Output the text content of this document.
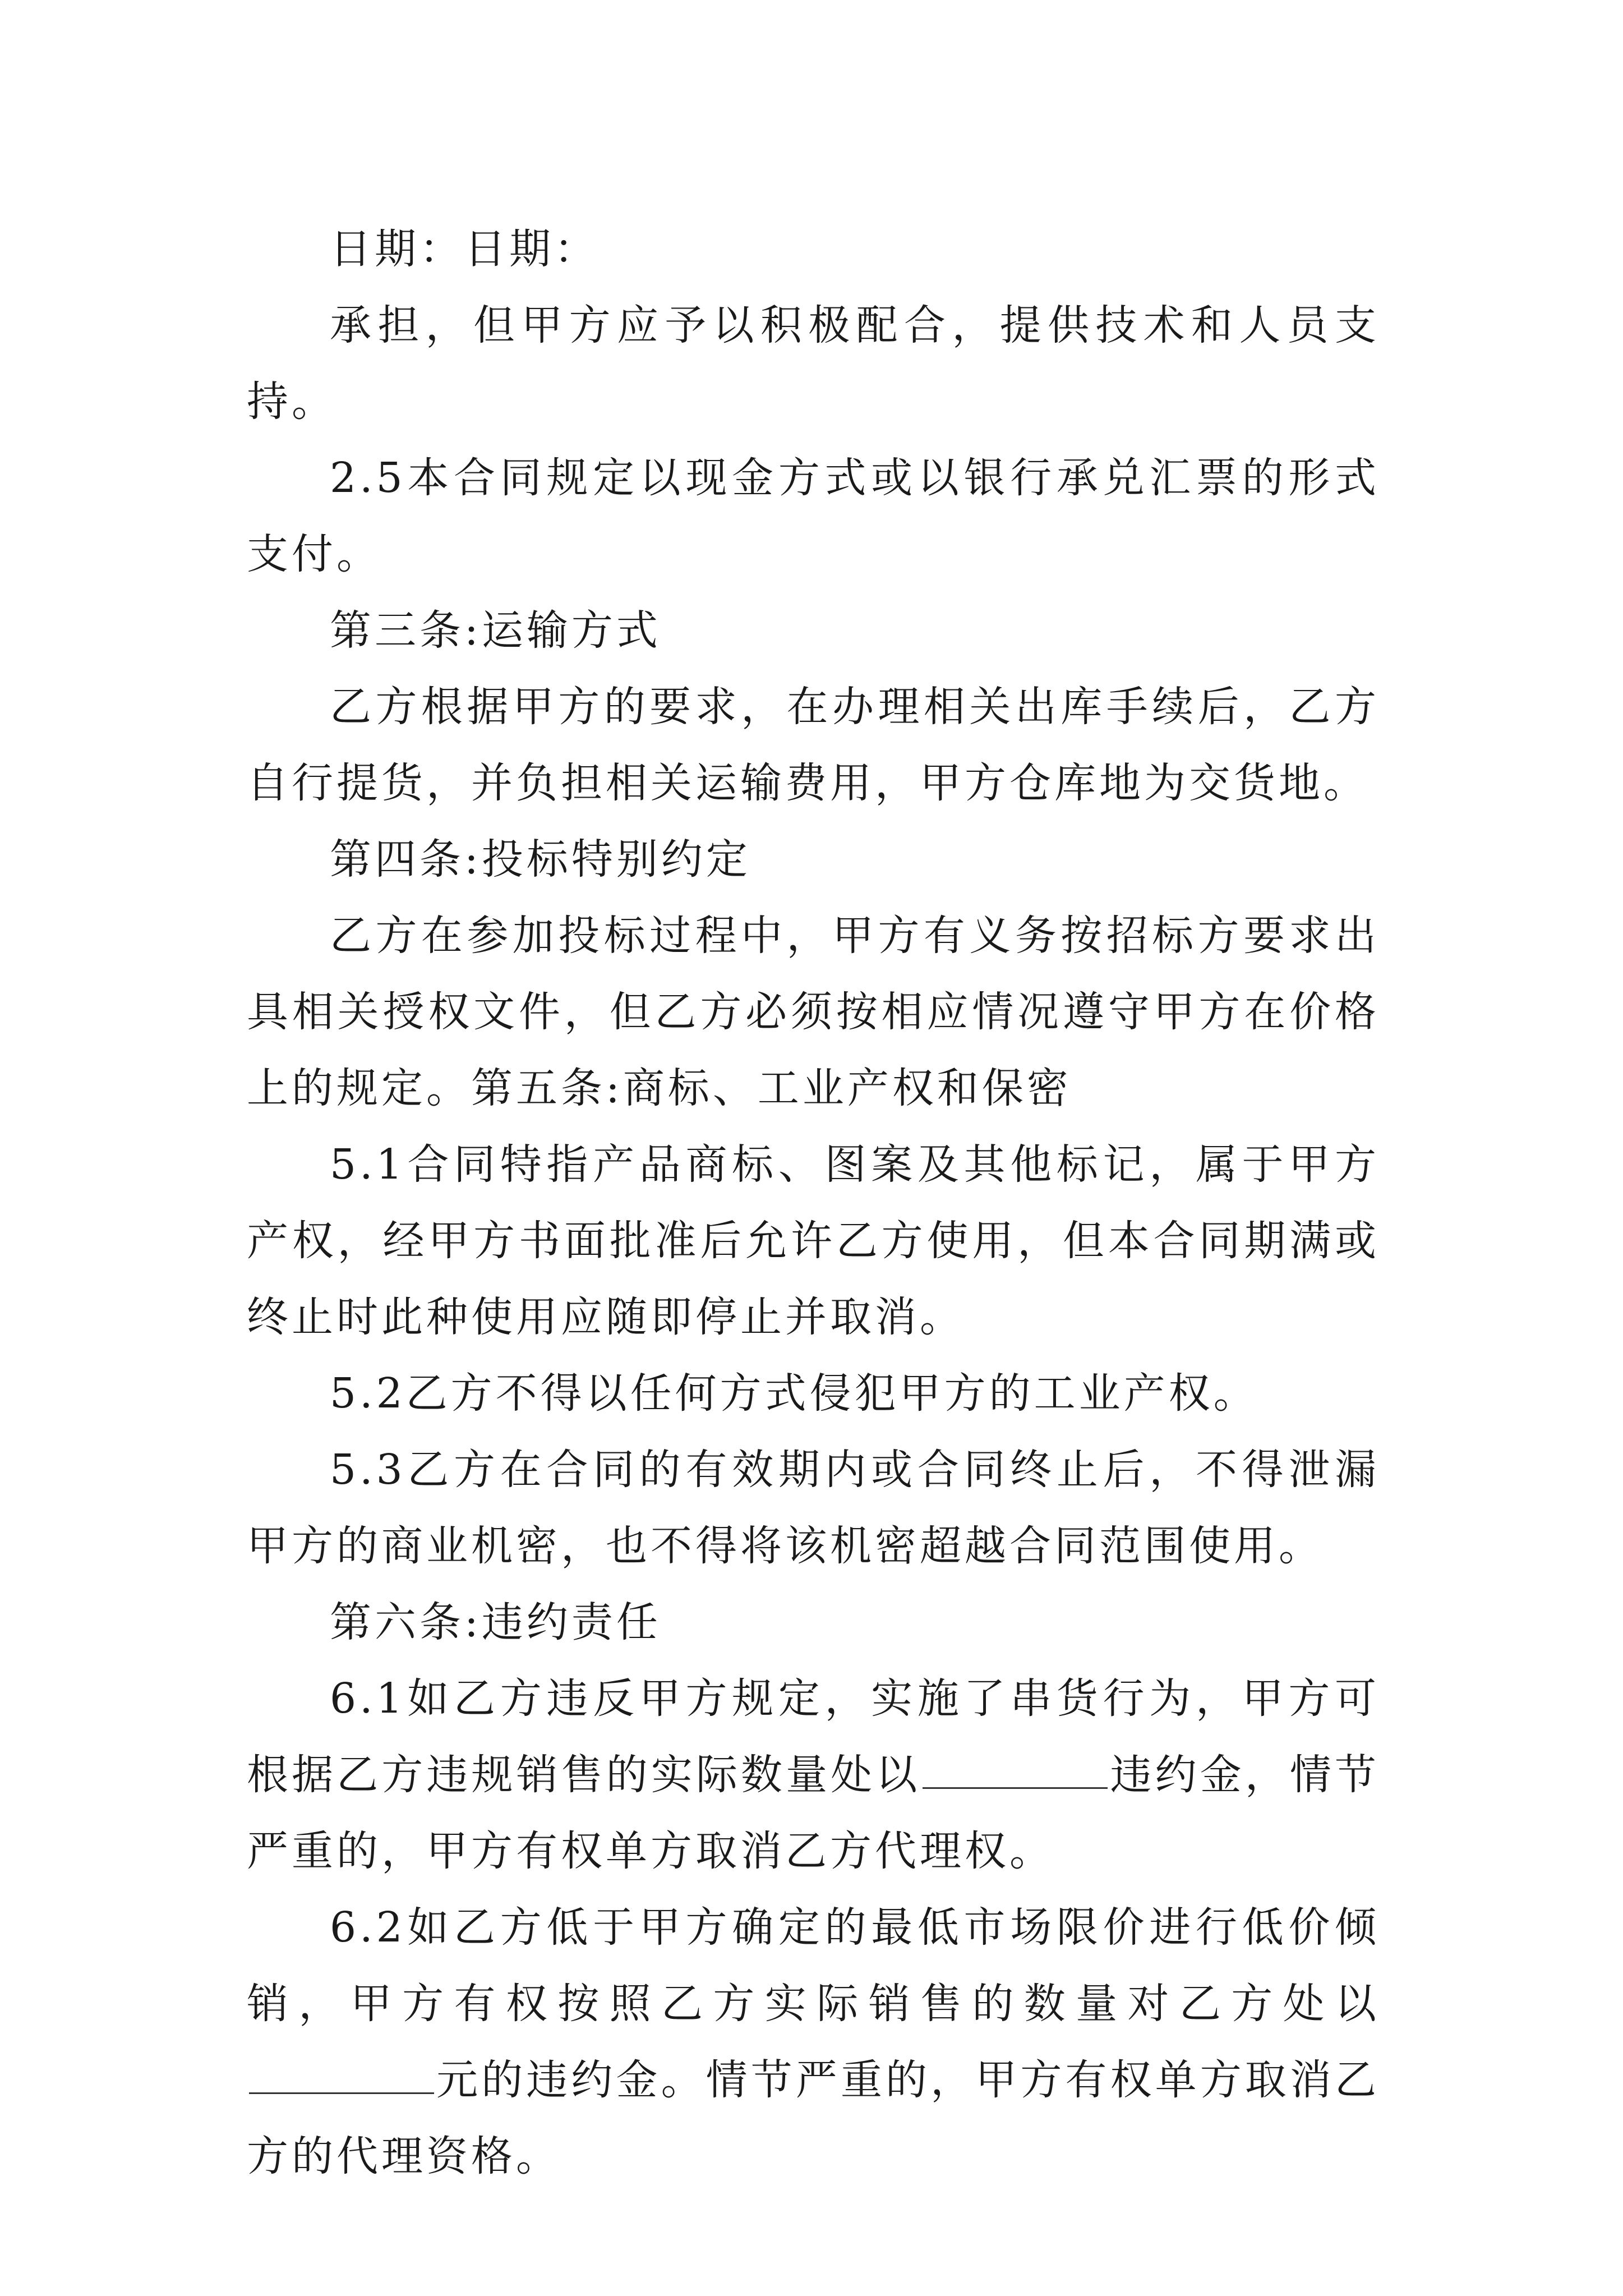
日期：日期：

承担，但甲方应予以积极配合，提供技术和人员支持。

2.5本合同规定以现金方式或以银行承兑汇票的形式支付。

第三条:运输方式

乙方根据甲方的要求，在办理相关出库手续后，乙方自行提货，并负担相关运输费用，甲方仓库地为交货地。

第四条:投标特别约定

乙方在参加投标过程中，甲方有义务按招标方要求出具相关授权文件，但乙方必须按相应情况遵守甲方在价格上的规定。第五条:商标、工业产权和保密

5.1合同特指产品商标、图案及其他标记，属于甲方产权，经甲方书面批准后允许乙方使用，但本合同期满或终止时此种使用应随即停止并取消。

5.2乙方不得以任何方式侵犯甲方的工业产权。

5.3乙方在合同的有效期内或合同终止后，不得泄漏甲方的商业机密，也不得将该机密超越合同范围使用。

第六条:违约责任

6.1如乙方违反甲方规定，实施了串货行为，甲方可根据乙方违规销售的实际数量处以	违约金，情节严重的，甲方有权单方取消乙方代理权。

6.2如乙方低于甲方确定的最低市场限价进行低价倾销，甲方有权按照乙方实际销售的数量对乙方处以元的违约金。情节严重的，甲方有权单方取消乙方的代理资格。
